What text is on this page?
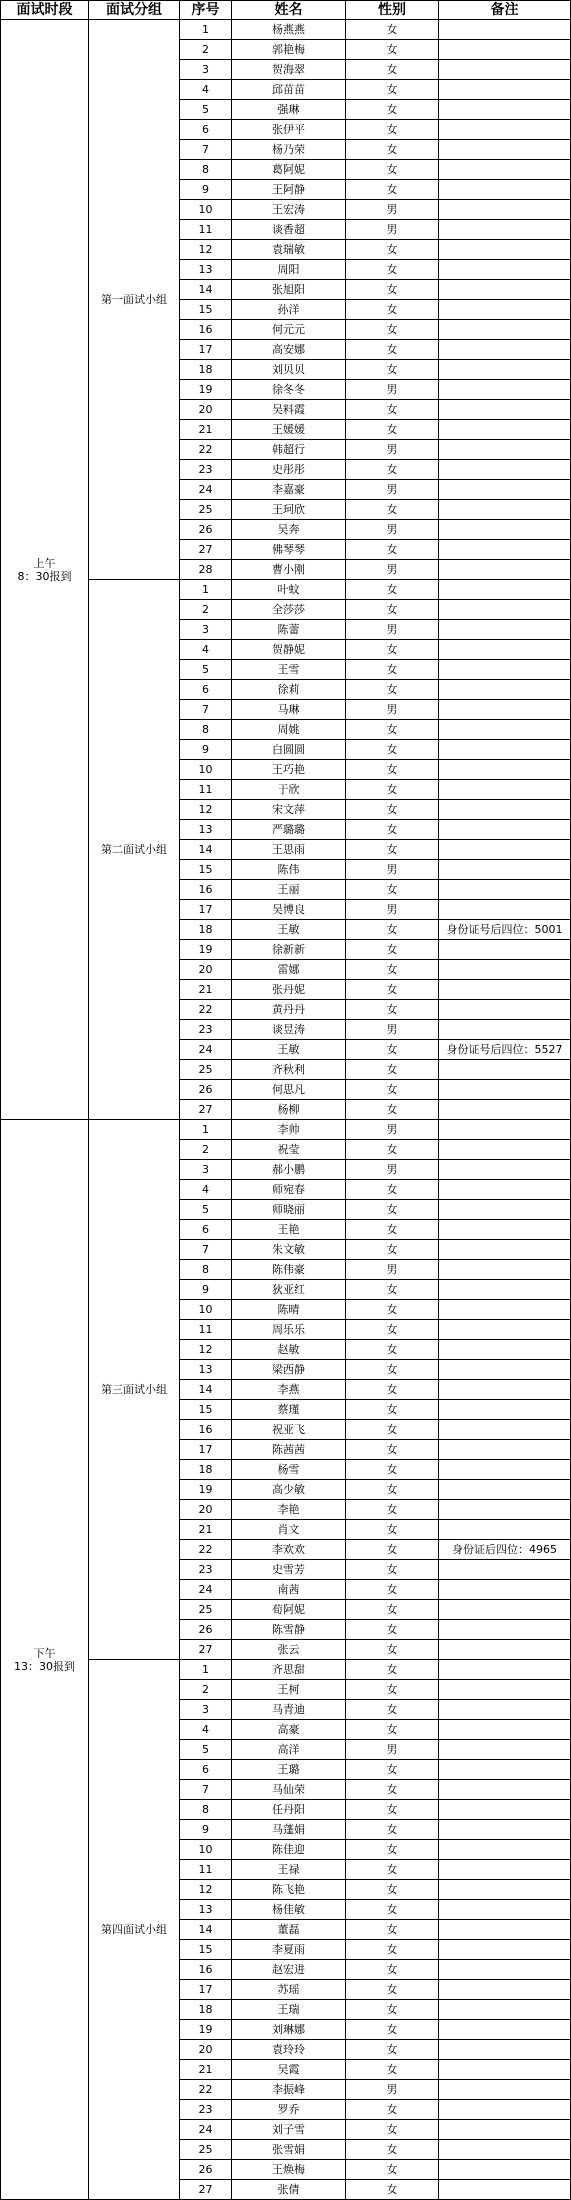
面试时段	面试分组	序号	姓名	性别	备注

上午
8：30报到	第一面试小组	1	杨燕燕	女	
		2	郭艳梅	女	
		3	贺海翠	女	
		4	邱苗苗	女	
		5	强琳	女	
		6	张伊平	女	
		7	杨乃荣	女	
		8	葛阿妮	女	
		9	王阿静	女	
		10	王宏涛	男	
		11	谈香超	男	
		12	袁瑞敏	女	
		13	周阳	女	
		14	张旭阳	女	
		15	孙洋	女	
		16	何元元	女	
		17	高安娜	女	
		18	刘贝贝	女	
		19	徐冬冬	男	
		20	吴料霞	女	
		21	王媛媛	女	
		22	韩超行	男	
		23	史彤彤	女	
		24	李嘉豪	男	
		25	王珂欣	女	
		26	吴奔	男	
		27	佛琴琴	女	
		28	曹小刚	男	
	第二面试小组	1	叶蚊	女	
		2	全莎莎	女	
		3	陈蕾	男	
		4	贺静妮	女	
		5	王雪	女	
		6	徐莉	女	
		7	马琳	男	
		8	周姚	女	
		9	白圆圆	女	
		10	王巧艳	女	
		11	于欣	女	
		12	宋文萍	女	
		13	严璐璐	女	
		14	王思雨	女	
		15	陈伟	男	
		16	王丽	女	
		17	吴博良	男	
		18	王敏	女	身份证号后四位：5001
		19	徐新新	女	
		20	雷娜	女	
		21	张丹妮	女	
		22	黄丹丹	女	
		23	谈昱涛	男	
		24	王敏	女	身份证号后四位：5527
		25	齐秋利	女	
		26	何思凡	女	
		27	杨柳	女	

下午
13：30报到	第三面试小组	1	李帅	男	
		2	祝莹	女	
		3	郝小鹏	男	
		4	师宛春	女	
		5	师晓丽	女	
		6	王艳	女	
		7	朱文敏	女	
		8	陈伟豪	男	
		9	狄亚红	女	
		10	陈晴	女	
		11	周乐乐	女	
		12	赵敏	女	
		13	梁西静	女	
		14	李燕	女	
		15	蔡瑾	女	
		16	祝亚飞	女	
		17	陈茜茜	女	
		18	杨雪	女	
		19	高少敏	女	
		20	李艳	女	
		21	肖文	女	
		22	李欢欢	女	身份证后四位：4965
		23	史雪芳	女	
		24	南茜	女	
		25	荀阿妮	女	
		26	陈雪静	女	
		27	张云	女	
	第四面试小组	1	齐思甜	女	
		2	王柯	女	
		3	马青迪	女	
		4	高豪	女	
		5	高洋	男	
		6	王璐	女	
		7	马仙荣	女	
		8	任丹阳	女	
		9	马蓬娟	女	
		10	陈佳迎	女	
		11	王禄	女	
		12	陈飞艳	女	
		13	杨佳敏	女	
		14	董磊	女	
		15	李夏雨	女	
		16	赵宏进	女	
		17	苏瑶	女	
		18	王瑞	女	
		19	刘琳娜	女	
		20	袁玲玲	女	
		21	吴霞	女	
		22	李振峰	男	
		23	罗乔	女	
		24	刘子雪	女	
		25	张雪娟	女	
		26	王焕梅	女	
		27	张倩	女	
